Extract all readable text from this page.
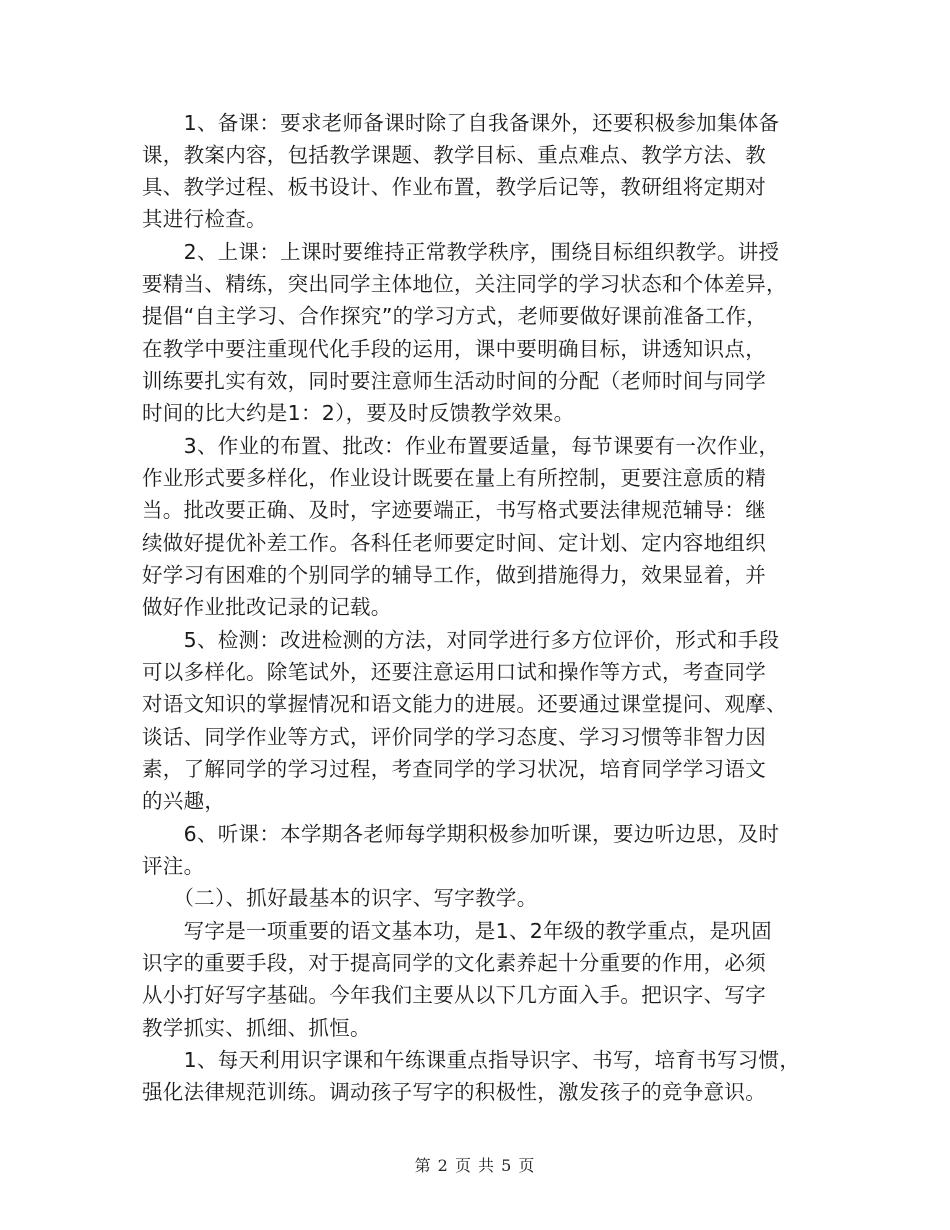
　　1、备课：要求老师备课时除了自我备课外，还要积极参加集体备
课，教案内容，包括教学课题、教学目标、重点难点、教学方法、教
具、教学过程、板书设计、作业布置，教学后记等，教研组将定期对
其进行检查。
　　2、上课：上课时要维持正常教学秩序，围绕目标组织教学。讲授
要精当、精练，突出同学主体地位，关注同学的学习状态和个体差异，
提倡“自主学习、合作探究”的学习方式，老师要做好课前准备工作，
在教学中要注重现代化手段的运用，课中要明确目标，讲透知识点，
训练要扎实有效，同时要注意师生活动时间的分配（老师时间与同学
时间的比大约是1：2），要及时反馈教学效果。
　　3、作业的布置、批改：作业布置要适量，每节课要有一次作业，
作业形式要多样化，作业设计既要在量上有所控制，更要注意质的精
当。批改要正确、及时，字迹要端正，书写格式要法律规范辅导：继
续做好提优补差工作。各科任老师要定时间、定计划、定内容地组织
好学习有困难的个别同学的辅导工作，做到措施得力，效果显着，并
做好作业批改记录的记载。
　　5、检测：改进检测的方法，对同学进行多方位评价，形式和手段
可以多样化。除笔试外，还要注意运用口试和操作等方式，考查同学
对语文知识的掌握情况和语文能力的进展。还要通过课堂提问、观摩、
谈话、同学作业等方式，评价同学的学习态度、学习习惯等非智力因
素，了解同学的学习过程，考查同学的学习状况，培育同学学习语文
的兴趣，
　　6、听课：本学期各老师每学期积极参加听课，要边听边思，及时
评注。
　　（二）、抓好最基本的识字、写字教学。
　　写字是一项重要的语文基本功，是1、2年级的教学重点，是巩固
识字的重要手段，对于提高同学的文化素养起十分重要的作用，必须
从小打好写字基础。今年我们主要从以下几方面入手。把识字、写字
教学抓实、抓细、抓恒。
　　1、每天利用识字课和午练课重点指导识字、书写，培育书写习惯，
强化法律规范训练。调动孩子写字的积极性，激发孩子的竞争意识。
第 2 页 共 5 页
